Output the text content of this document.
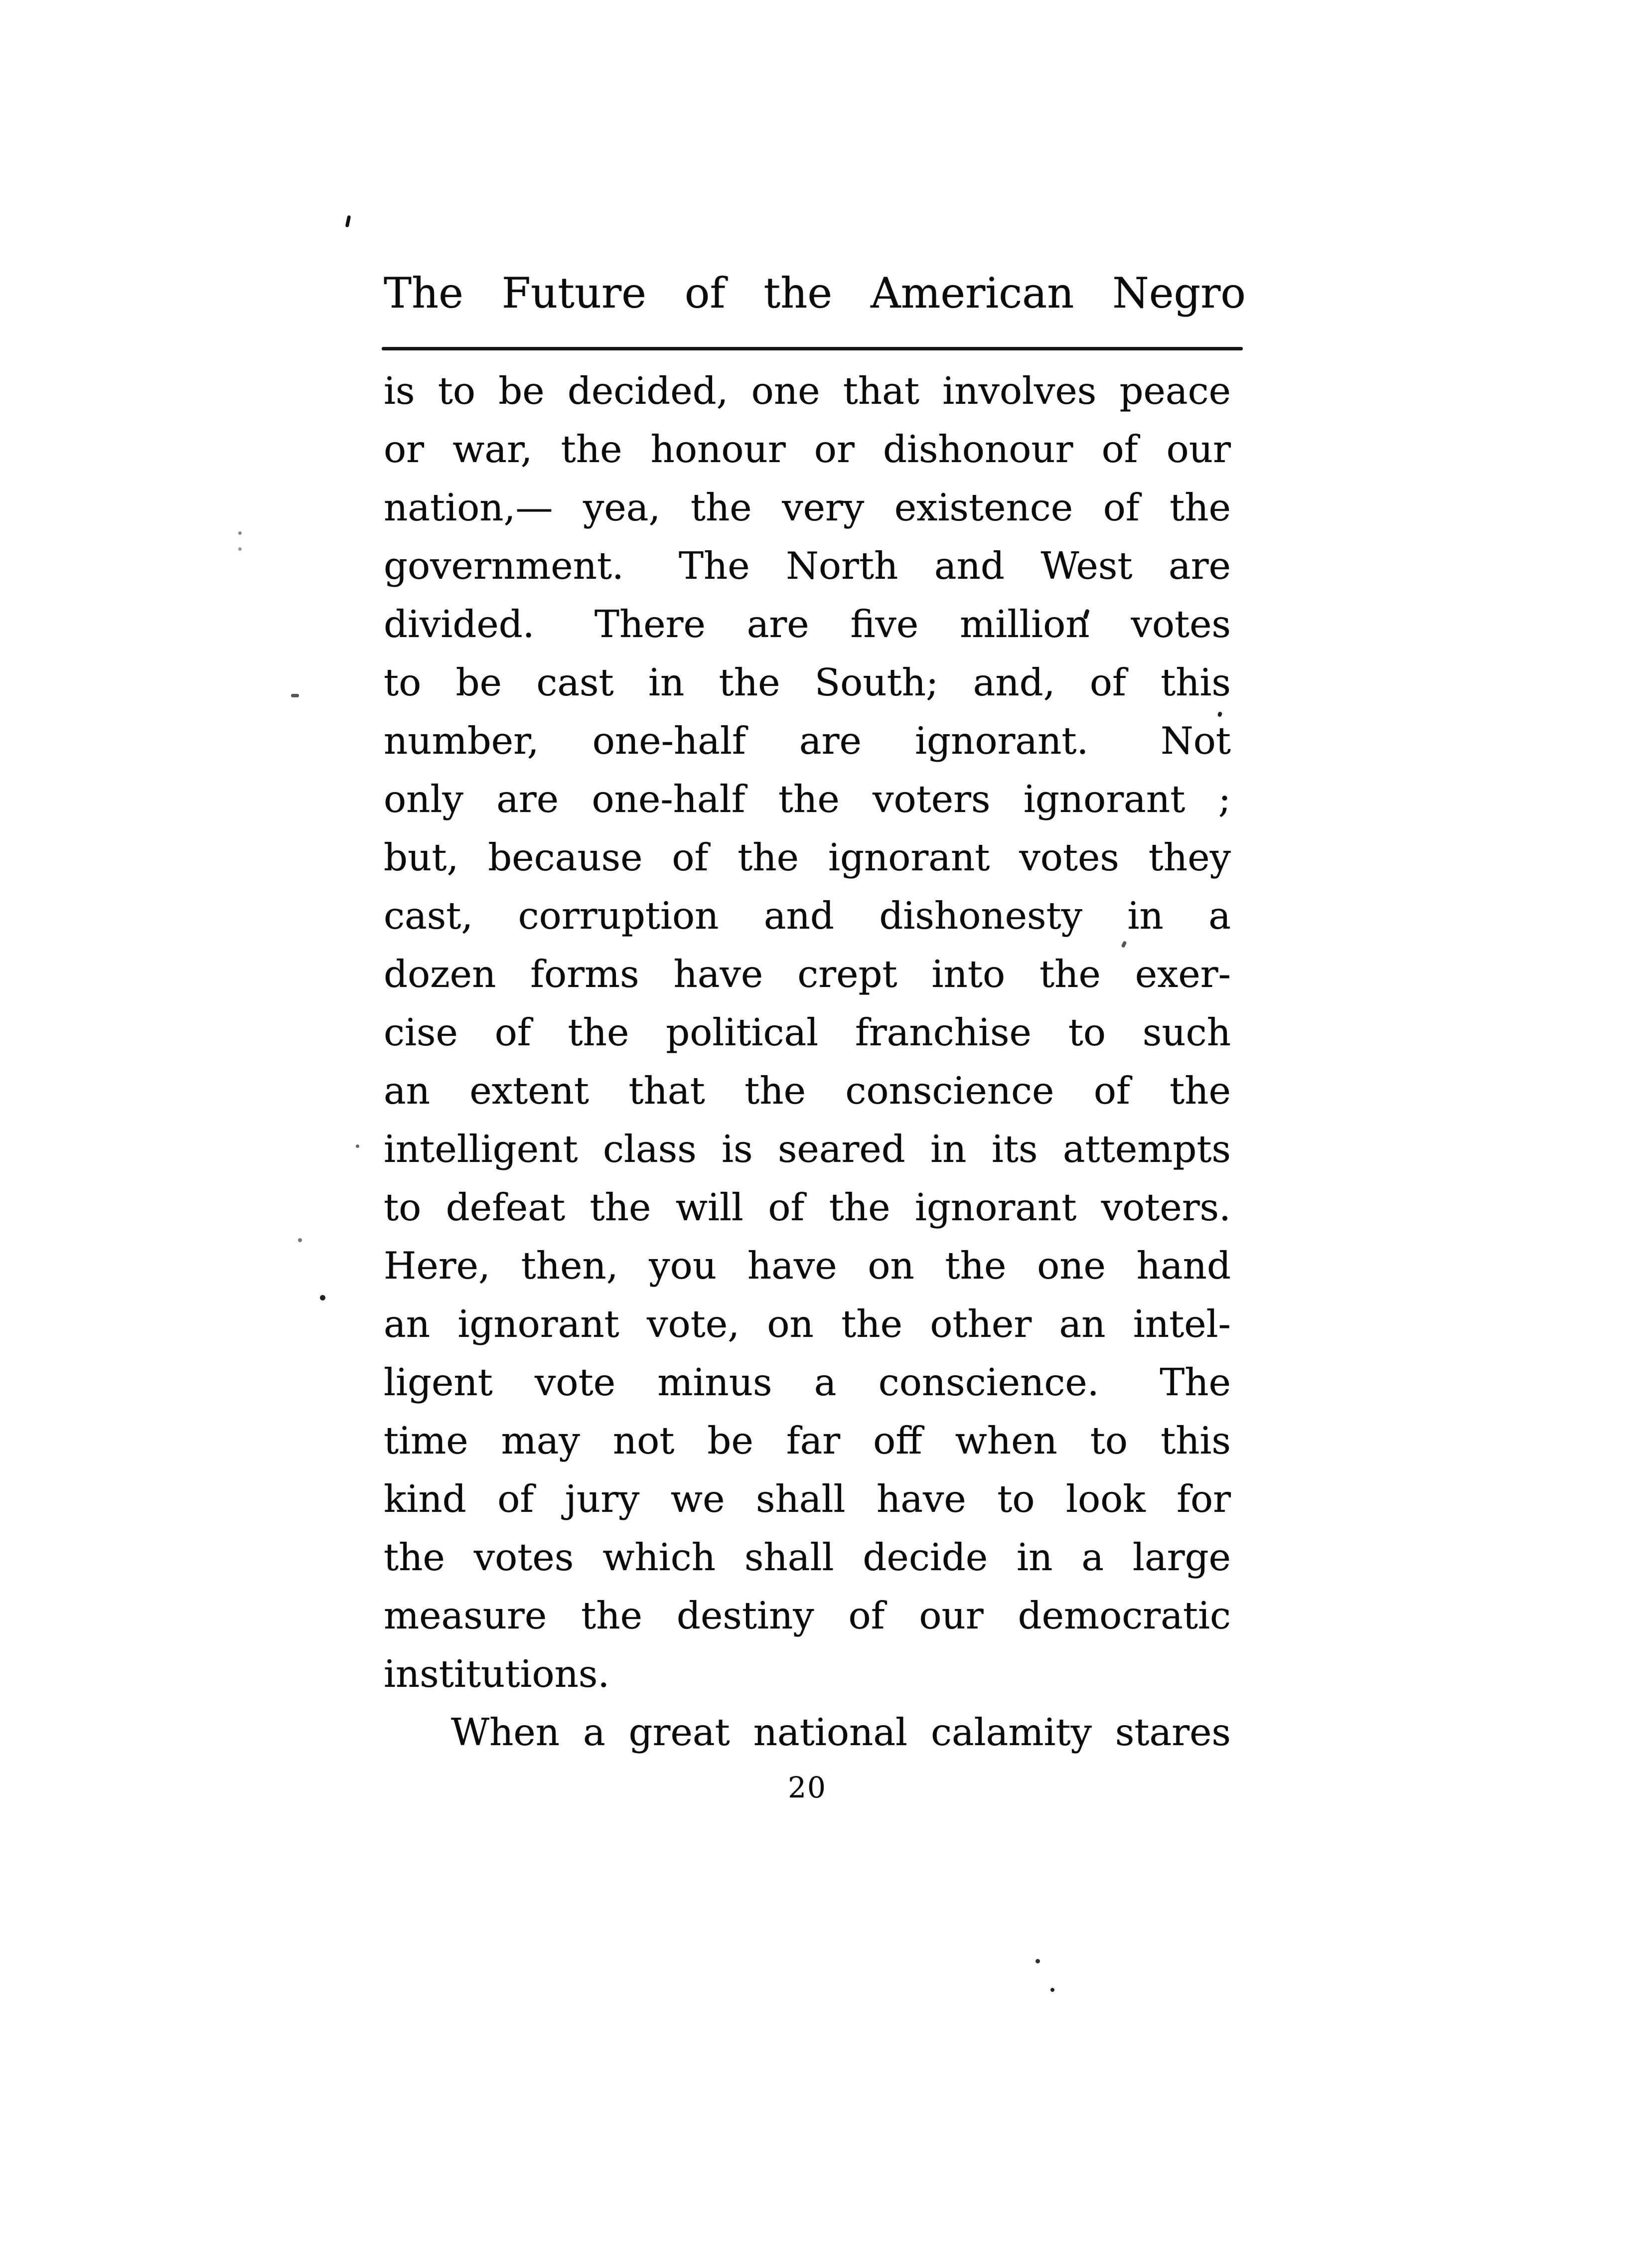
The Future of the American Negro
is to be decided, one that involves peace
or war, the honour or dishonour of our
nation,— yea, the very existence of the
government.  The North and West are
divided.  There are five million votes
to be cast in the South; and, of this
number, one-half are ignorant.  Not
only are one-half the voters ignorant ;
but, because of the ignorant votes they
cast, corruption and dishonesty in a
dozen forms have crept into the exer-
cise of the political franchise to such
an extent that the conscience of the
intelligent class is seared in its attempts
to defeat the will of the ignorant voters.
Here, then, you have on the one hand
an ignorant vote, on the other an intel-
ligent vote minus a conscience.  The
time may not be far off when to this
kind of jury we shall have to look for
the votes which shall decide in a large
measure the destiny of our democratic
institutions.
When a great national calamity stares
20
